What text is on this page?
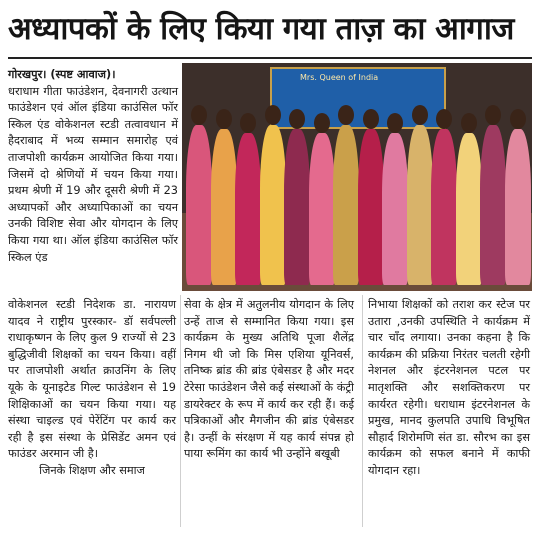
अध्यापकों के लिए किया गया ताज़ का आगाज

गोरखपुर। (स्पष्ट आवाज)।

धराधाम गीता फाउंडेशन, देवनागरी उत्थान फाउंडेशन एवं ऑल इंडिया काउंसिल फॉर स्किल एंड वोकेशनल स्टडी तत्वावधान में हैदराबाद में भव्य सम्मान समारोह एवं ताजपोशी कार्यक्रम आयोजित किया गया। जिसमें दो श्रेणियों में चयन किया गया। प्रथम श्रेणी में 19 और दूसरी श्रेणी में 23 अध्यापकों और अध्यापिकाओं का चयन उनकी विशिष्ट सेवा और योगदान के लिए किया गया था। ऑल इंडिया काउंसिल फॉर स्किल एंड

Mrs. Queen of India

वोकेशनल स्टडी निदेशक डा. नारायण यादव ने राष्ट्रीय पुरस्कार- डॉ सर्वपल्ली राधाकृष्णन के लिए कुल 9 राज्यों से 23 बुद्धिजीवी शिक्षकों का चयन किया। वहीं पर ताजपोशी अर्थात क्राउनिंग के लिए यूके के यूनाइटेड गिल्ट फाउंडेशन से 19 शिक्षिकाओं का चयन किया गया। यह संस्था चाइल्ड एवं पेरेंटिंग पर कार्य कर रही है इस संस्था के प्रेसिडेंट अमन एवं फाउंडर अरमान जी है।

जिनके शिक्षण और समाज

सेवा के क्षेत्र में अतुलनीय योगदान के लिए उन्हें ताज से सम्मानित किया गया। इस कार्यक्रम के मुख्य अतिथि पूजा शैलेंद्र निगम थी जो कि मिस एशिया यूनिवर्स, तनिष्क ब्रांड की ब्रांड एंबेसडर है और मदर टेरेसा फाउंडेशन जैसे कई संस्थाओं के कंट्री डायरेक्टर के रूप में कार्य कर रही हैं। कई पत्रिकाओं और मैगजीन की ब्रांड एंबेसडर है। उन्हीं के संरक्षण में यह कार्य संपन्न हो पाया रूमिंग का कार्य भी उन्होंने बखूबी

निभाया शिक्षकों को तराश कर स्टेज पर उतारा ,उनकी उपस्थिति ने कार्यक्रम में चार चाँद लगाया। उनका कहना है कि कार्यक्रम की प्रक्रिया निरंतर चलती रहेगी नेशनल और इंटरनेशनल पटल पर मातृशक्ति और सशक्तिकरण पर कार्यरत रहेगी। धराधाम इंटरनेशनल के प्रमुख, मानद कुलपति उपाधि विभूषित सौहार्द शिरोमणि संत डा. सौरभ का इस कार्यक्रम को सफल बनाने में काफी योगदान रहा।
